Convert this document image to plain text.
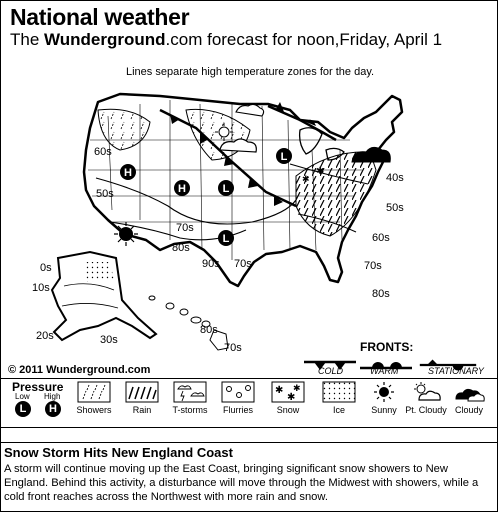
National weather
The Wunderground.com forecast for noon,Friday, April 1
Lines separate high temperature zones for the day.
H
H	L
L
L
✱
✱
60s
50s
70s
80s
90s 70s
40s
50s
60s
70s
80s
0s
10s
20s	30s
80s
70s
© 2011 Wunderground.com
FRONTS:
COLD	WARM	STATIONARY
Pressure
Low High
L	H	Showers	Rain	T-storms	Flurries
✱
✱
✱
Snow	Ice	Sunny Pt. Cloudy Cloudy
Snow Storm Hits New England Coast
A storm will continue moving up the East Coast, bringing significant snow showers to New England. Behind this activity, a disturbance will move through the Midwest with showers, while a cold front reaches across the Northwest with more rain and snow.
